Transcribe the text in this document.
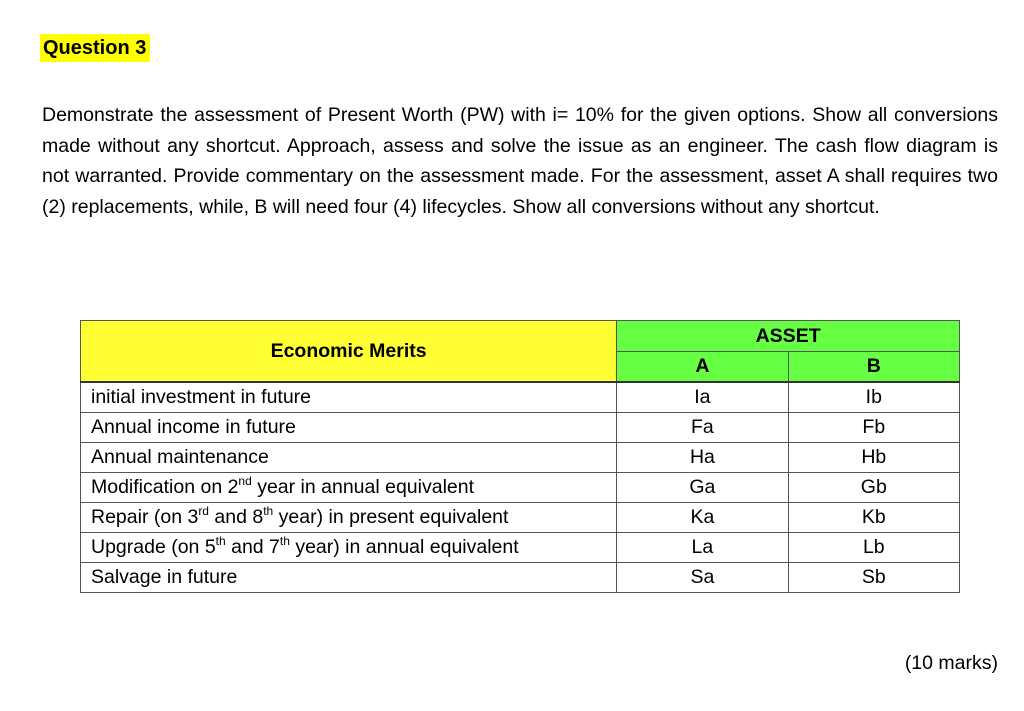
Question 3
Demonstrate the assessment of Present Worth (PW) with i= 10% for the given options. Show all conversions made without any shortcut. Approach, assess and solve the issue as an engineer. The cash flow diagram is not warranted. Provide commentary on the assessment made. For the assessment, asset A shall requires two (2) replacements, while, B will need four (4) lifecycles. Show all conversions without any shortcut.
Economic Merits	ASSET	
	A	B
initial investment in future	Ia	Ib
Annual income in future	Fa	Fb
Annual maintenance	Ha	Hb
Modification on 2nd year in annual equivalent	Ga	Gb
Repair (on 3rd and 8th year) in present equivalent	Ka	Kb
Upgrade (on 5th and 7th year) in annual equivalent	La	Lb
Salvage in future	Sa	Sb
(10 marks)
